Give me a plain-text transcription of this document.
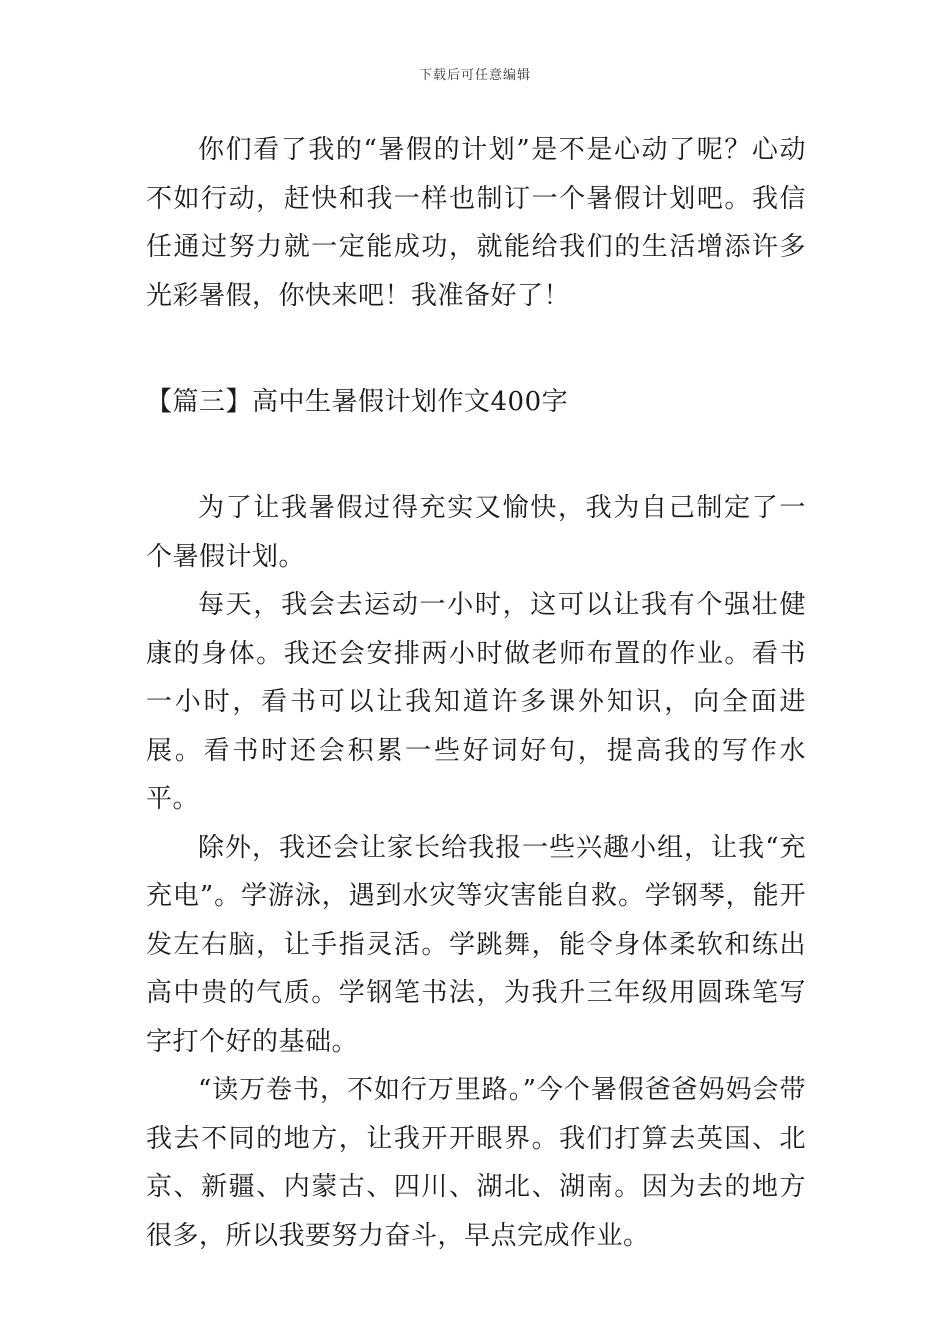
下载后可任意编辑

你们看了我的“暑假的计划”是不是心动了呢？心动不如行动，赶快和我一样也制订一个暑假计划吧。我信任通过努力就一定能成功，就能给我们的生活增添许多光彩暑假，你快来吧！我准备好了！

【篇三】高中生暑假计划作文400字

为了让我暑假过得充实又愉快，我为自己制定了一个暑假计划。

每天，我会去运动一小时，这可以让我有个强壮健康的身体。我还会安排两小时做老师布置的作业。看书一小时，看书可以让我知道许多课外知识，向全面进展。看书时还会积累一些好词好句，提高我的写作水平。

除外，我还会让家长给我报一些兴趣小组，让我“充充电”。学游泳，遇到水灾等灾害能自救。学钢琴，能开发左右脑，让手指灵活。学跳舞，能令身体柔软和练出高中贵的气质。学钢笔书法，为我升三年级用圆珠笔写字打个好的基础。

“读万卷书，不如行万里路。”今个暑假爸爸妈妈会带我去不同的地方，让我开开眼界。我们打算去英国、北京、新疆、内蒙古、四川、湖北、湖南。因为去的地方很多，所以我要努力奋斗，早点完成作业。
